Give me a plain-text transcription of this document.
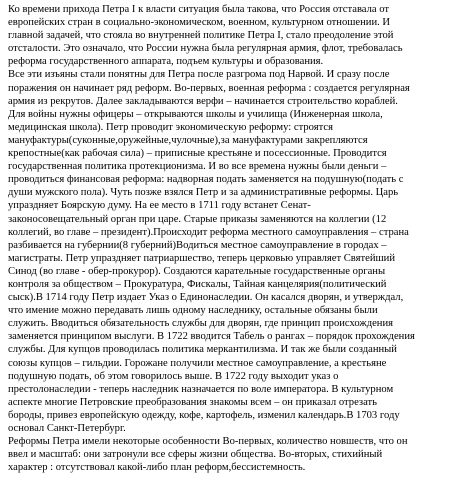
Ко времени прихода Петра I к власти ситуация была такова, что Россия отставала от
европейских стран в социально-экономическом, военном, культурном отношении. И
главной задачей, что стояла во внутренней политике Петра I, стало преодоление этой
отсталости. Это означало, что России нужна была регулярная армия, флот, требовалась
реформа государственного аппарата, подъем культуры и образования.
Все эти изъяны стали понятны для Петра после разгрома под Нарвой. И сразу после
поражения он начинает ряд реформ. Во-первых, военная реформа : создается регулярная
армия из рекрутов. Далее закладываются верфи – начинается строительство кораблей.
Для войны нужны офицеры – открываются школы и училища (Инженерная школа,
медицинская школа). Петр проводит экономическую реформу: строятся
мануфактуры(суконные,оружейные,чулочные),за мануфактурами закрепляются
крепостные(как рабочая сила) – приписные крестьяне и посессионные. Проводится
государственная политика протекционизма. И во все времена нужны были деньги –
проводиться финансовая реформа: надворная подать заменяется на подушную(подать с
души мужского пола). Чуть позже взялся Петр и за административные реформы. Царь
упраздняет Боярскую думу. На ее место в 1711 году встанет Сенат-
законосовещательный орган при царе. Старые приказы заменяются на коллегии (12
коллегий, во главе – президент).Происходит реформа местного самоуправления – страна
разбивается на губернии(8 губерний)Водиться местное самоуправление в городах –
магистраты. Петр упраздняет патриаршество, теперь церковью управляет Святейший
Синод (во главе - обер-прокурор). Создаются карательные государственные органы
контроля за обществом – Прокуратура, Фискалы, Тайная канцелярия(политический
сыск).В 1714 году Петр издает Указ о Единонаследии. Он касался дворян, и утверждал,
что имение можно передавать лишь одному наследнику, остальные обязаны были
служить. Вводиться обязательность службы для дворян, где принцип происхождения
заменяется принципом выслуги. В 1722 вводится Табель о рангах – порядок прохождения
службы. Для купцов проводилась политика меркантилизма. И так же были созданный
союзы купцов – гильдии. Горожане получили местное самоуправление, а крестьяне
подушную подать, об этом говорилось выше. В 1722 году выходит указ о
престолонаследии - теперь наследник назначается по воле императора. В культурном
аспекте многие Петровские преобразования знакомы всем – он приказал отрезать
бороды, привез европейскую одежду, кофе, картофель, изменил календарь.В 1703 году
основал Санкт-Петербург.
Реформы Петра имели некоторые особенности Во-первых, количество новшеств, что он
ввел и масштаб: они затронули все сферы жизни общества. Во-вторых, стихийный
характер : отсутствовал какой-либо план реформ,бессистемность.
